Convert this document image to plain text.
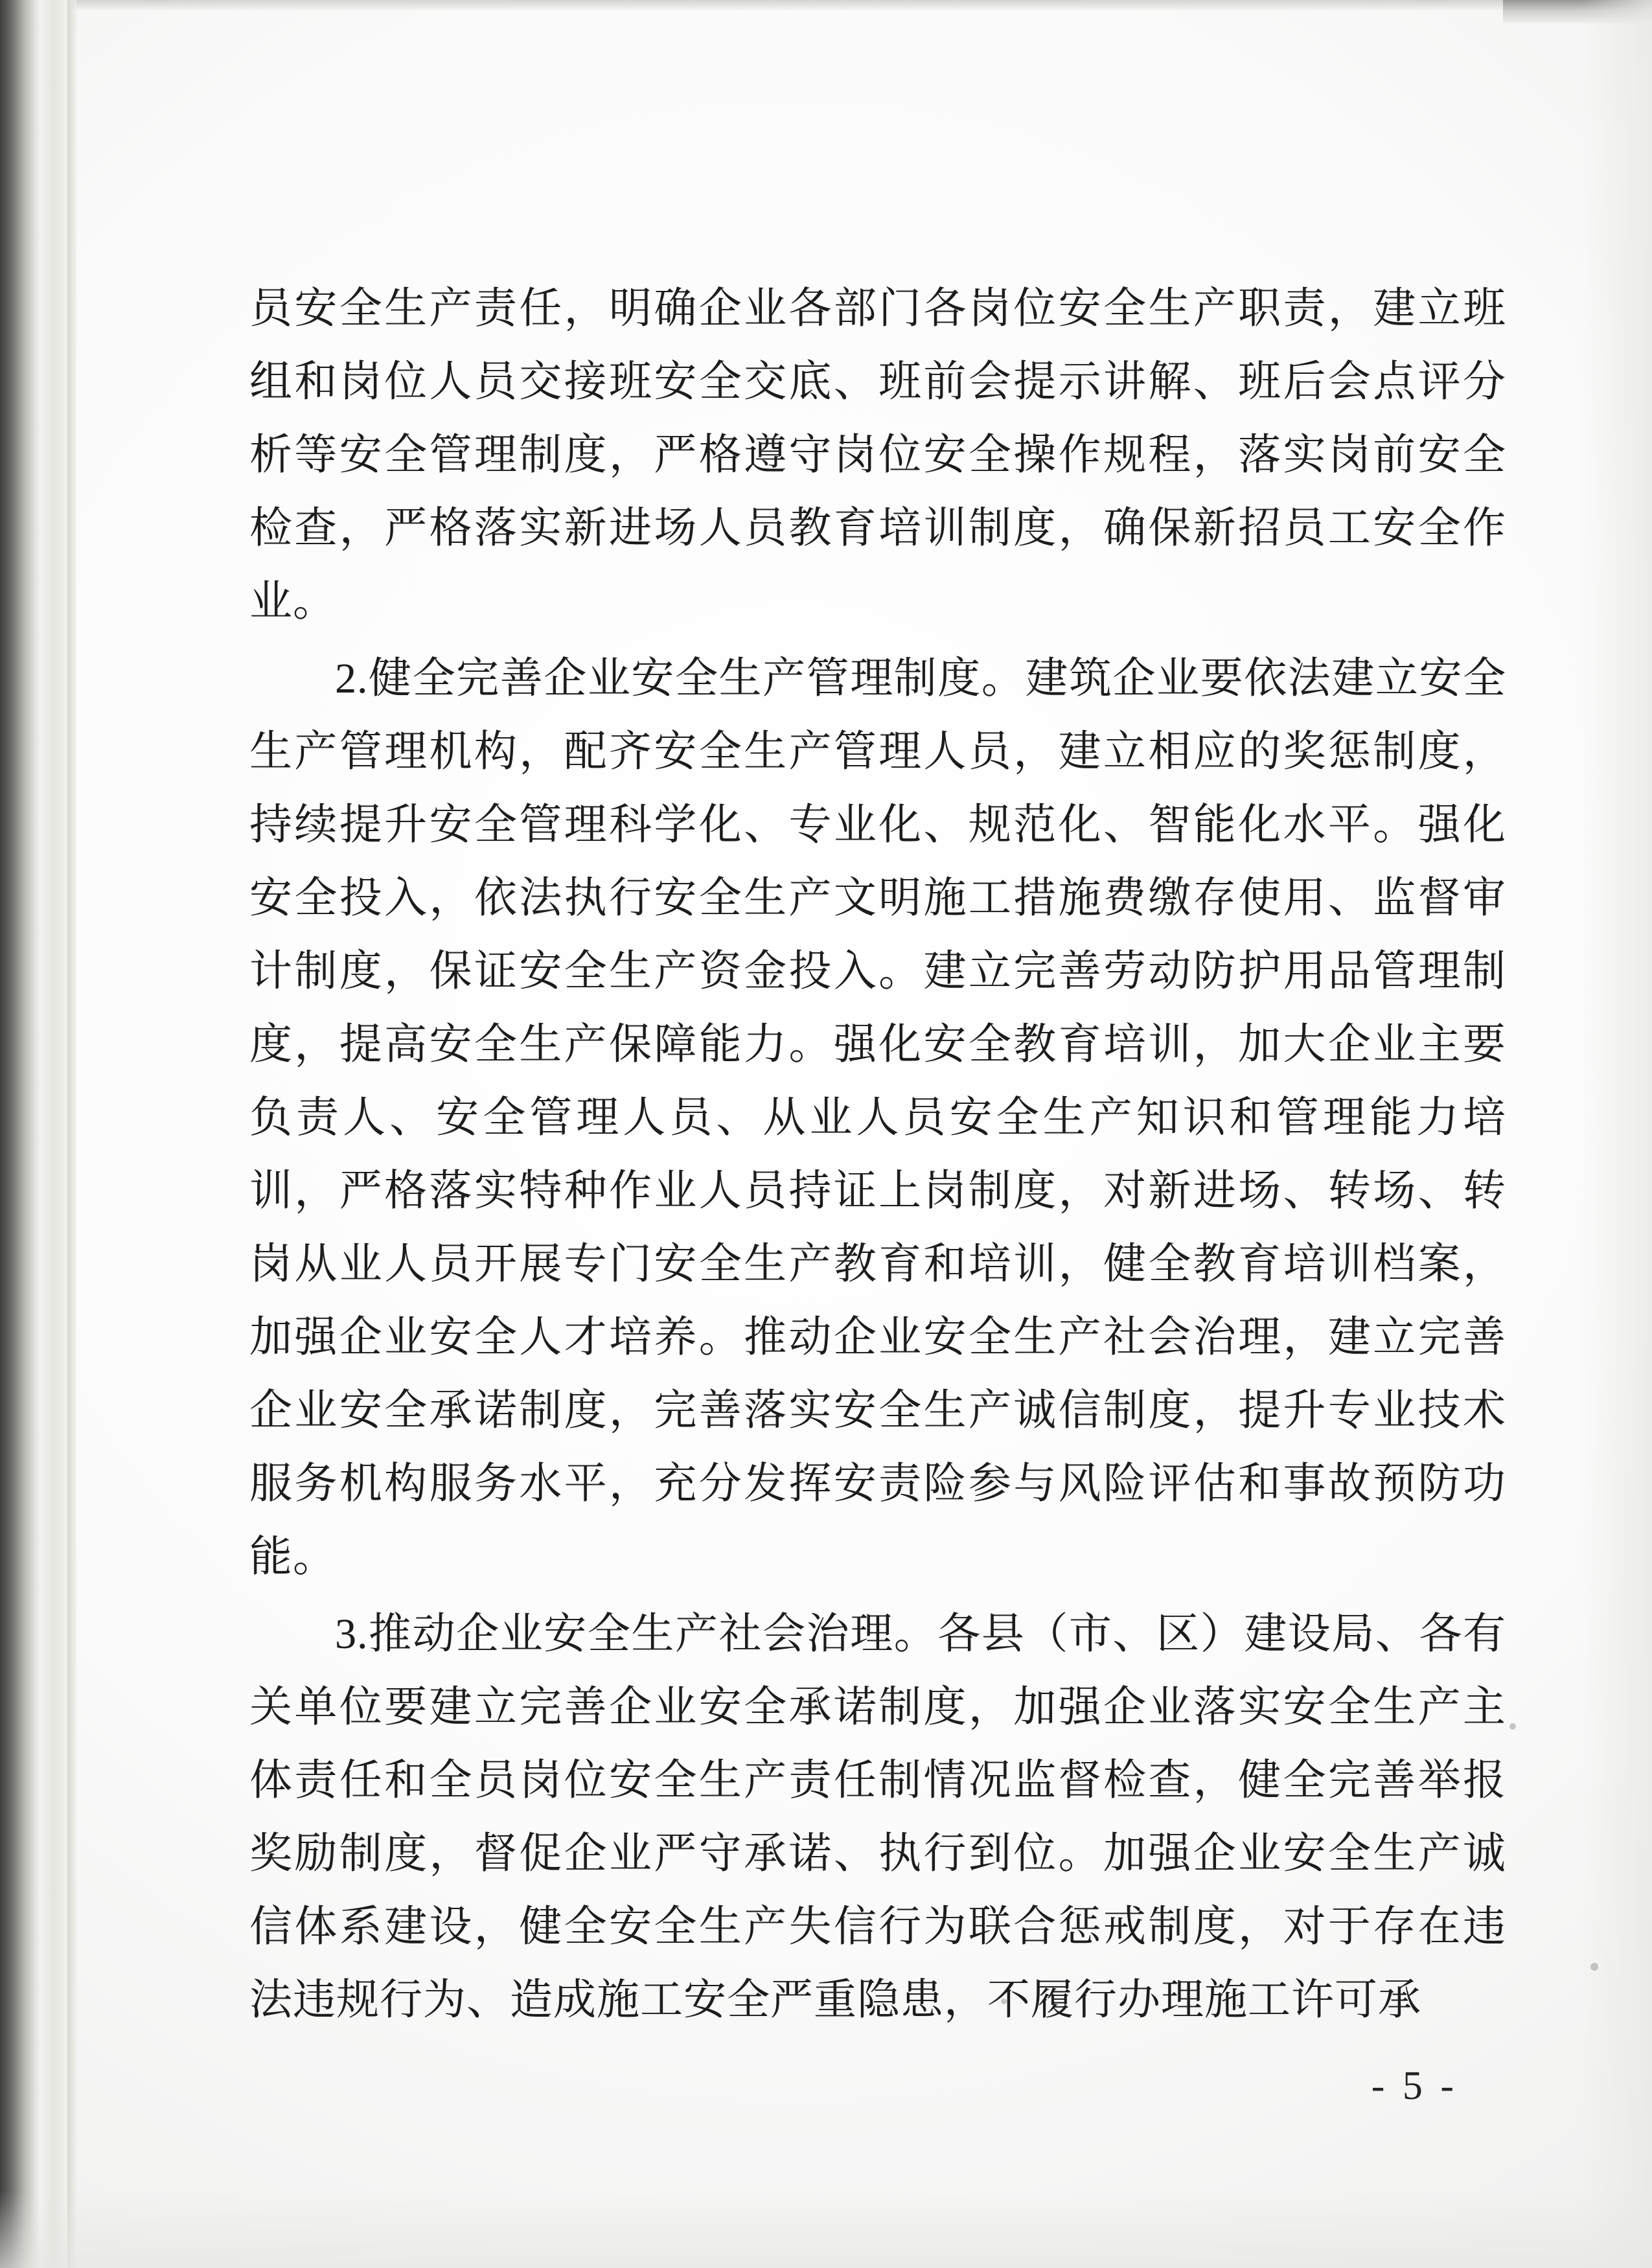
员安全生产责任，明确企业各部门各岗位安全生产职责，建立班组和岗位人员交接班安全交底、班前会提示讲解、班后会点评分析等安全管理制度，严格遵守岗位安全操作规程，落实岗前安全检查，严格落实新进场人员教育培训制度，确保新招员工安全作业。

2.健全完善企业安全生产管理制度。建筑企业要依法建立安全生产管理机构，配齐安全生产管理人员，建立相应的奖惩制度，持续提升安全管理科学化、专业化、规范化、智能化水平。强化安全投入，依法执行安全生产文明施工措施费缴存使用、监督审计制度，保证安全生产资金投入。建立完善劳动防护用品管理制度，提高安全生产保障能力。强化安全教育培训，加大企业主要负责人、安全管理人员、从业人员安全生产知识和管理能力培训，严格落实特种作业人员持证上岗制度，对新进场、转场、转岗从业人员开展专门安全生产教育和培训，健全教育培训档案，加强企业安全人才培养。推动企业安全生产社会治理，建立完善企业安全承诺制度，完善落实安全生产诚信制度，提升专业技术服务机构服务水平，充分发挥安责险参与风险评估和事故预防功能。

3.推动企业安全生产社会治理。各县（市、区）建设局、各有关单位要建立完善企业安全承诺制度，加强企业落实安全生产主体责任和全员岗位安全生产责任制情况监督检查，健全完善举报奖励制度，督促企业严守承诺、执行到位。加强企业安全生产诚信体系建设，健全安全生产失信行为联合惩戒制度，对于存在违法违规行为、造成施工安全严重隐患，不履行办理施工许可承

- 5 -
